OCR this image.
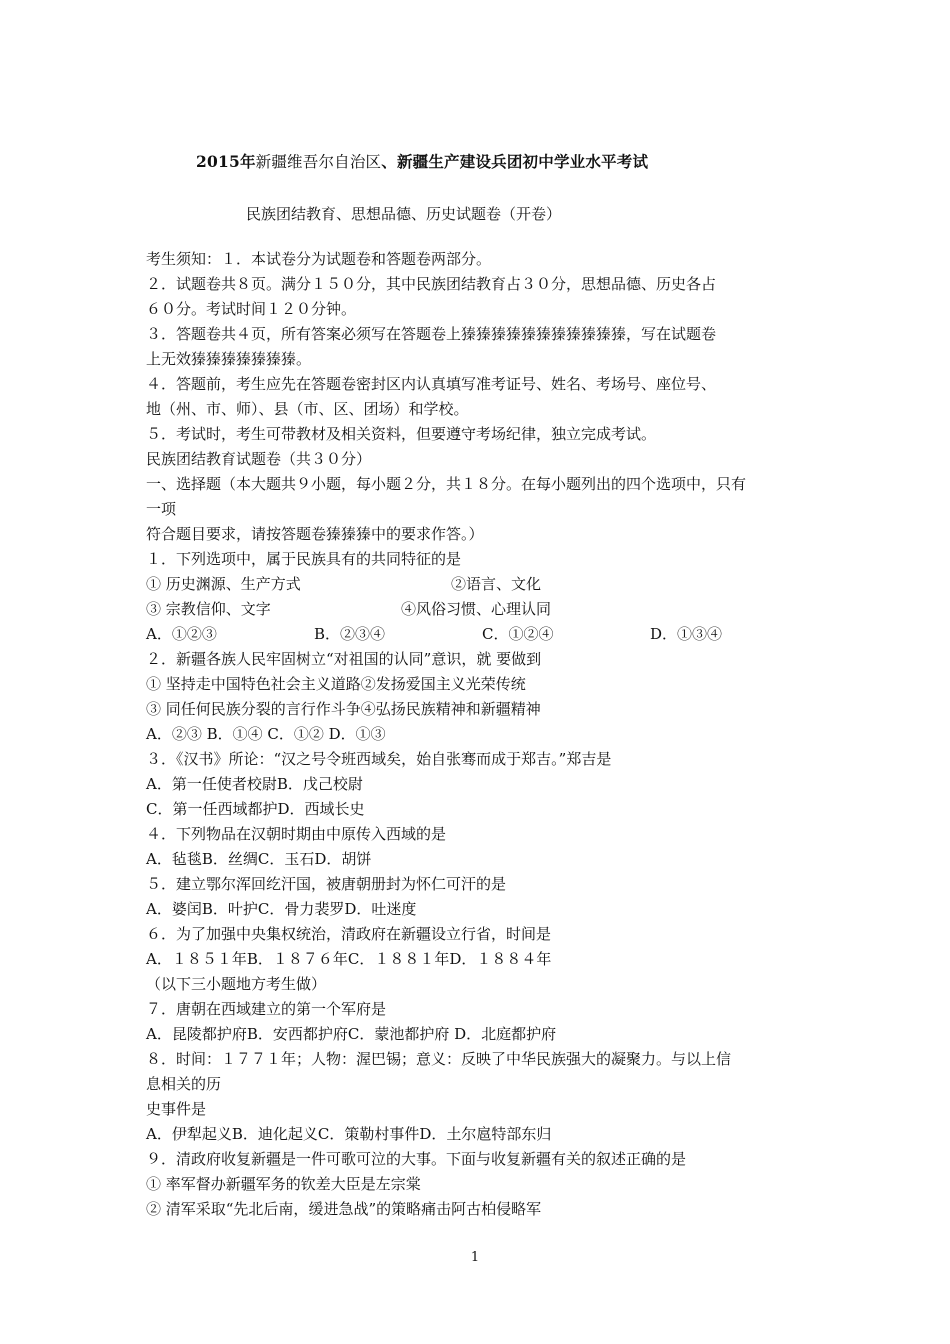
2015年新疆维吾尔自治区、新疆生产建设兵团初中学业水平考试
民族团结教育、思想品德、历史试题卷（开卷）
考生须知：１．本试卷分为试题卷和答题卷两部分。
２．试题卷共８页。满分１５０分，其中民族团结教育占３０分，思想品德、历史各占
６０分。考试时间１２０分钟。
３．答题卷共４页，所有答案必须写在答题卷上獉獉獉獉獉獉獉獉獉獉獉，写在试题卷
上无效獉獉獉獉獉獉獉。
４．答题前，考生应先在答题卷密封区内认真填写准考证号、姓名、考场号、座位号、
地（州、市、师）、县（市、区、团场）和学校。
５．考试时，考生可带教材及相关资料，但要遵守考场纪律，独立完成考试。
民族团结教育试题卷（共３０分）
一、选择题（本大题共９小题，每小题２分，共１８分。在每小题列出的四个选项中，只有
一项
符合题目要求，请按答题卷獉獉獉中的要求作答。）
１．下列选项中，属于民族具有的共同特征的是
① 历史渊源、生产方式	②语言、文化
③ 宗教信仰、文字	④风俗习惯、心理认同
A．①②③	B．②③④	C．①②④	D．①③④
２．新疆各族人民牢固树立“对祖国的认同”意识，就 要做到
① 坚持走中国特色社会主义道路②发扬爱国主义光荣传统
③ 同任何民族分裂的言行作斗争④弘扬民族精神和新疆精神
A．②③ B．①④ C．①② D．①③
３．《汉书》所论：“汉之号令班西域矣，始自张骞而成于郑吉。”郑吉是
A．第一任使者校尉B．戊己校尉
C．第一任西域都护D．西域长史
４．下列物品在汉朝时期由中原传入西域的是
A．毡毯B．丝绸C．玉石D．胡饼
５．建立鄂尔浑回纥汗国，被唐朝册封为怀仁可汗的是
A．婆闰B．叶护C．骨力裴罗D．吐迷度
６．为了加强中央集权统治，清政府在新疆设立行省，时间是
A．１８５１年B．１８７６年C．１８８１年D．１８８４年
（以下三小题地方考生做）
７．唐朝在西域建立的第一个军府是
A．昆陵都护府B．安西都护府C．蒙池都护府 D．北庭都护府
８．时间：１７７１年；人物：渥巴锡；意义：反映了中华民族强大的凝聚力。与以上信
息相关的历
史事件是
A．伊犁起义B．迪化起义C．策勒村事件D．土尔扈特部东归
９．清政府收复新疆是一件可歌可泣的大事。下面与收复新疆有关的叙述正确的是
① 率军督办新疆军务的钦差大臣是左宗棠
② 清军采取“先北后南，缓进急战”的策略痛击阿古柏侵略军
1
